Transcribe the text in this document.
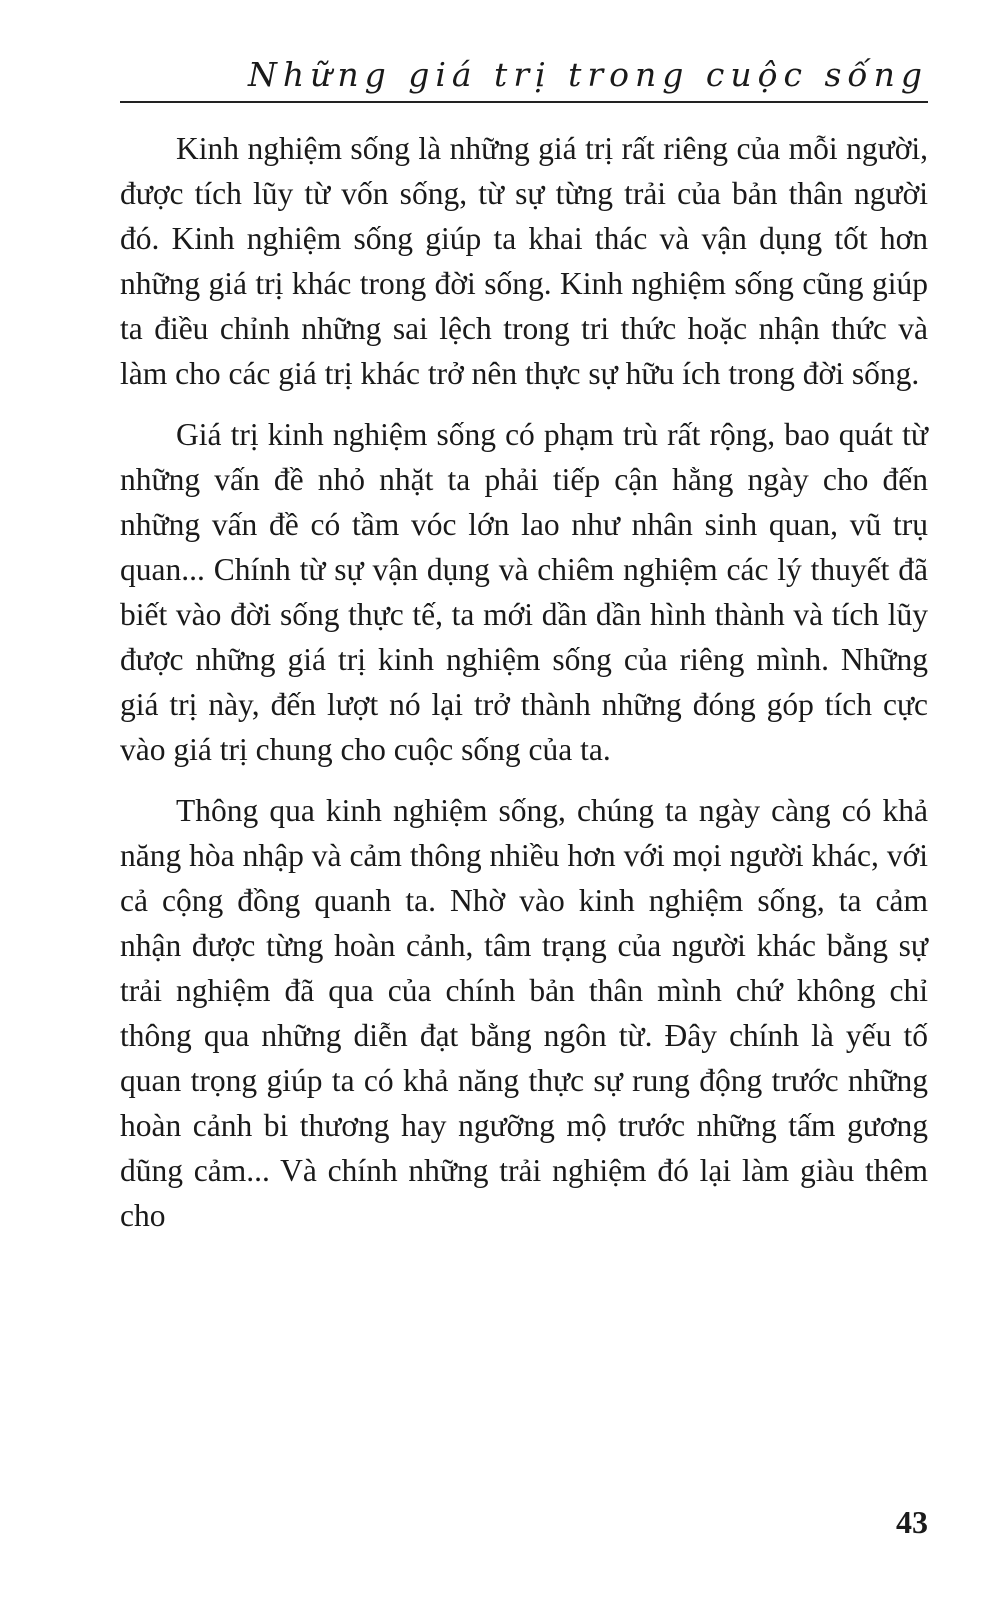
Những giá trị trong cuộc sống

Kinh nghiệm sống là những giá trị rất riêng của mỗi người, được tích lũy từ vốn sống, từ sự từng trải của bản thân người đó. Kinh nghiệm sống giúp ta khai thác và vận dụng tốt hơn những giá trị khác trong đời sống. Kinh nghiệm sống cũng giúp ta điều chỉnh những sai lệch trong tri thức hoặc nhận thức và làm cho các giá trị khác trở nên thực sự hữu ích trong đời sống.

Giá trị kinh nghiệm sống có phạm trù rất rộng, bao quát từ những vấn đề nhỏ nhặt ta phải tiếp cận hằng ngày cho đến những vấn đề có tầm vóc lớn lao như nhân sinh quan, vũ trụ quan... Chính từ sự vận dụng và chiêm nghiệm các lý thuyết đã biết vào đời sống thực tế, ta mới dần dần hình thành và tích lũy được những giá trị kinh nghiệm sống của riêng mình. Những giá trị này, đến lượt nó lại trở thành những đóng góp tích cực vào giá trị chung cho cuộc sống của ta.

Thông qua kinh nghiệm sống, chúng ta ngày càng có khả năng hòa nhập và cảm thông nhiều hơn với mọi người khác, với cả cộng đồng quanh ta. Nhờ vào kinh nghiệm sống, ta cảm nhận được từng hoàn cảnh, tâm trạng của người khác bằng sự trải nghiệm đã qua của chính bản thân mình chứ không chỉ thông qua những diễn đạt bằng ngôn từ. Đây chính là yếu tố quan trọng giúp ta có khả năng thực sự rung động trước những hoàn cảnh bi thương hay ngưỡng mộ trước những tấm gương dũng cảm... Và chính những trải nghiệm đó lại làm giàu thêm cho

43
